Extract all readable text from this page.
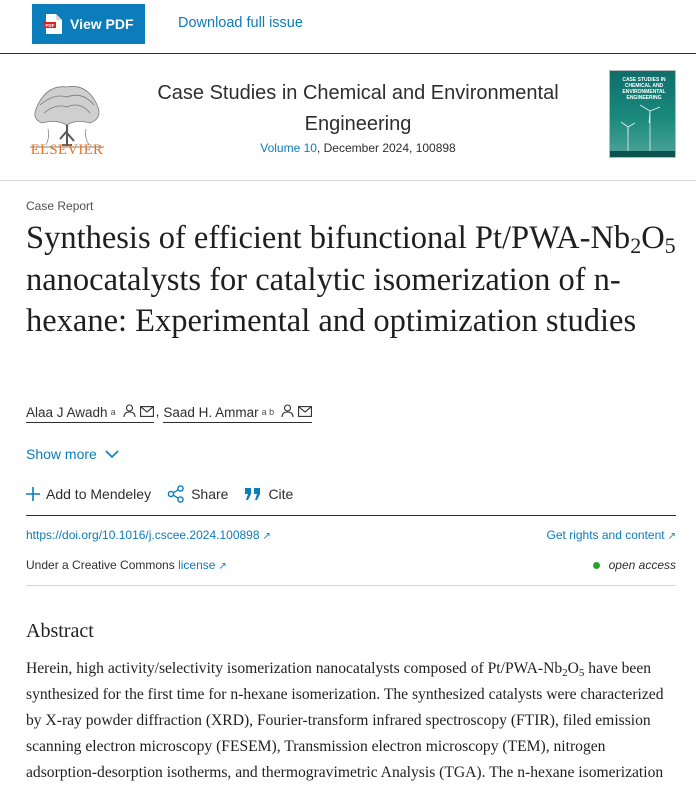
PDF View PDF	Download full issue
ELSEVIER
Case Studies in Chemical and Environmental Engineering
Volume 10, December 2024, 100898
CASE STUDIES IN CHEMICAL AND ENVIRONMENTAL ENGINEERING
Case Report
Synthesis of efficient bifunctional $Pt/PWA-Nb_2O_5$ nanocatalysts for catalytic isomerization of n-hexane: Experimental and optimization studies
Alaa J Awadh a	, Saad H. Ammar a b
Show more
Add to Mendeley	Share	Cite
https://doi.org/10.1016/j.cscee.2024.100898 ↗	Get rights and content ↗
Under a Creative Commons license ↗	open access
Abstract

Herein, high activity/selectivity isomerization nanocatalysts composed of $Pt/PWA-Nb_2O_5$ have been synthesized for the first time for n-hexane isomerization. The synthesized catalysts were characterized by X-ray powder diffraction (XRD), Fourier-transform infrared spectroscopy (FTIR), filed emission scanning electron microscopy (FESEM), Transmission electron microscopy (TEM), nitrogen adsorption-desorption isotherms, and thermogravimetric Analysis (TGA). The n-hexane isomerization
